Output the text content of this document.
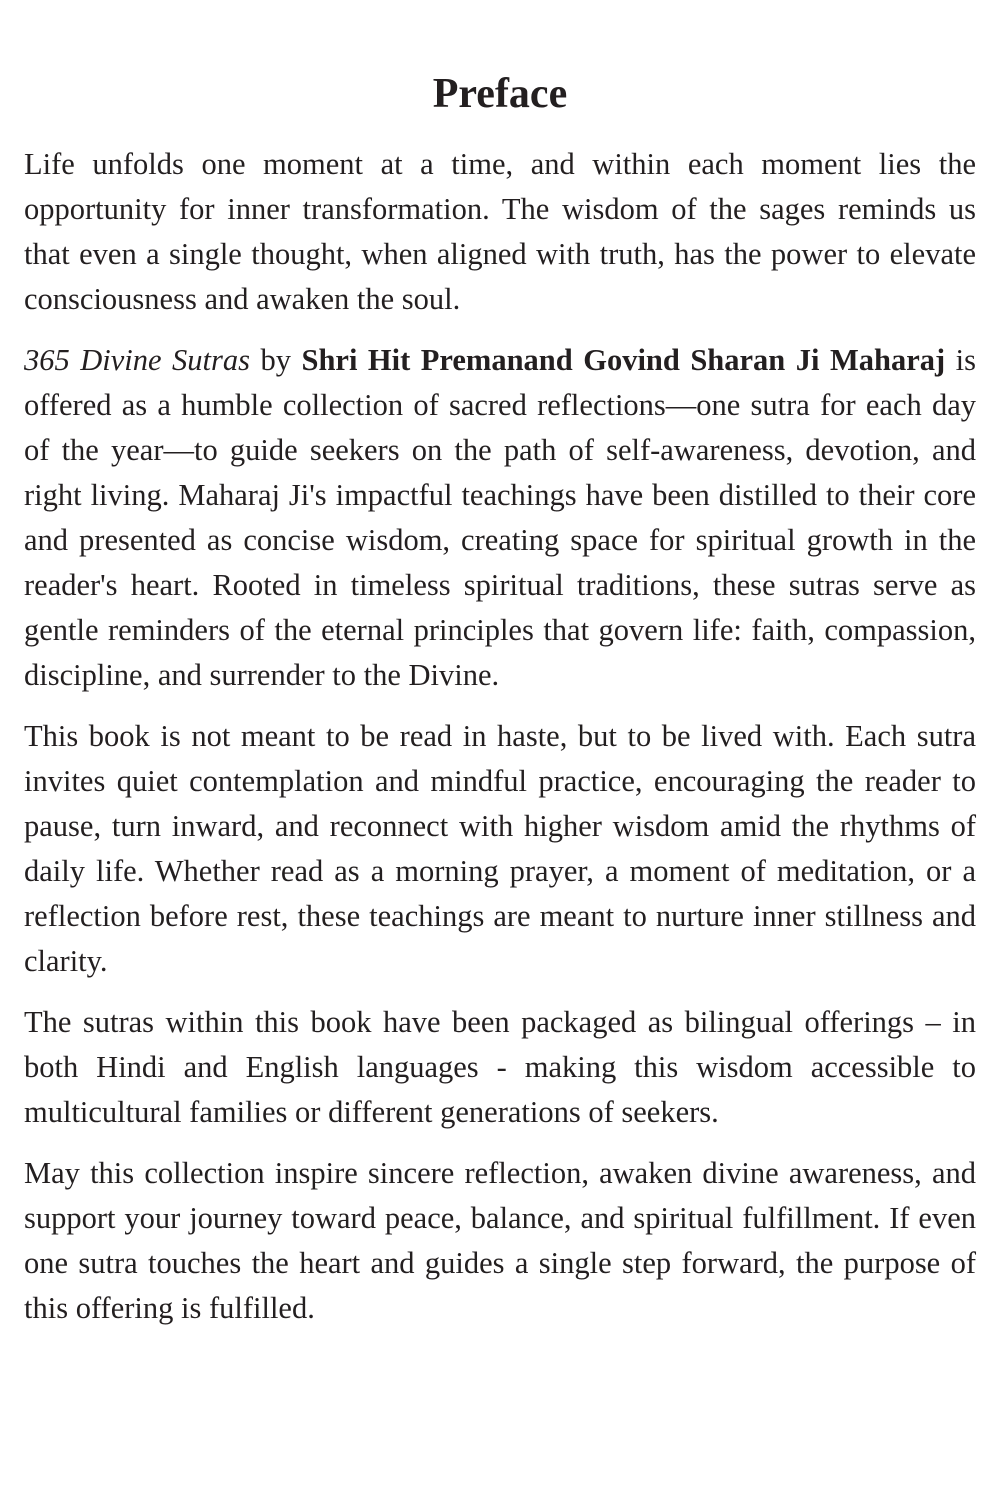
Preface

Life unfolds one moment at a time, and within each moment lies the opportunity for inner transformation. The wisdom of the sages reminds us that even a single thought, when aligned with truth, has the power to elevate consciousness and awaken the soul.

365 Divine Sutras by Shri Hit Premanand Govind Sharan Ji Maharaj is offered as a humble collection of sacred reflections—one sutra for each day of the year—to guide seekers on the path of self-awareness, devotion, and right living. Maharaj Ji's impactful teachings have been distilled to their core and presented as concise wisdom, creating space for spiritual growth in the reader's heart. Rooted in timeless spiritual traditions, these sutras serve as gentle reminders of the eternal principles that govern life: faith, compassion, discipline, and surrender to the Divine.

This book is not meant to be read in haste, but to be lived with. Each sutra invites quiet contemplation and mindful practice, encouraging the reader to pause, turn inward, and reconnect with higher wisdom amid the rhythms of daily life. Whether read as a morning prayer, a moment of meditation, or a reflection before rest, these teachings are meant to nurture inner stillness and clarity.

The sutras within this book have been packaged as bilingual offerings – in both Hindi and English languages - making this wisdom accessible to multicultural families or different generations of seekers.

May this collection inspire sincere reflection, awaken divine awareness, and support your journey toward peace, balance, and spiritual fulfillment. If even one sutra touches the heart and guides a single step forward, the purpose of this offering is fulfilled.
